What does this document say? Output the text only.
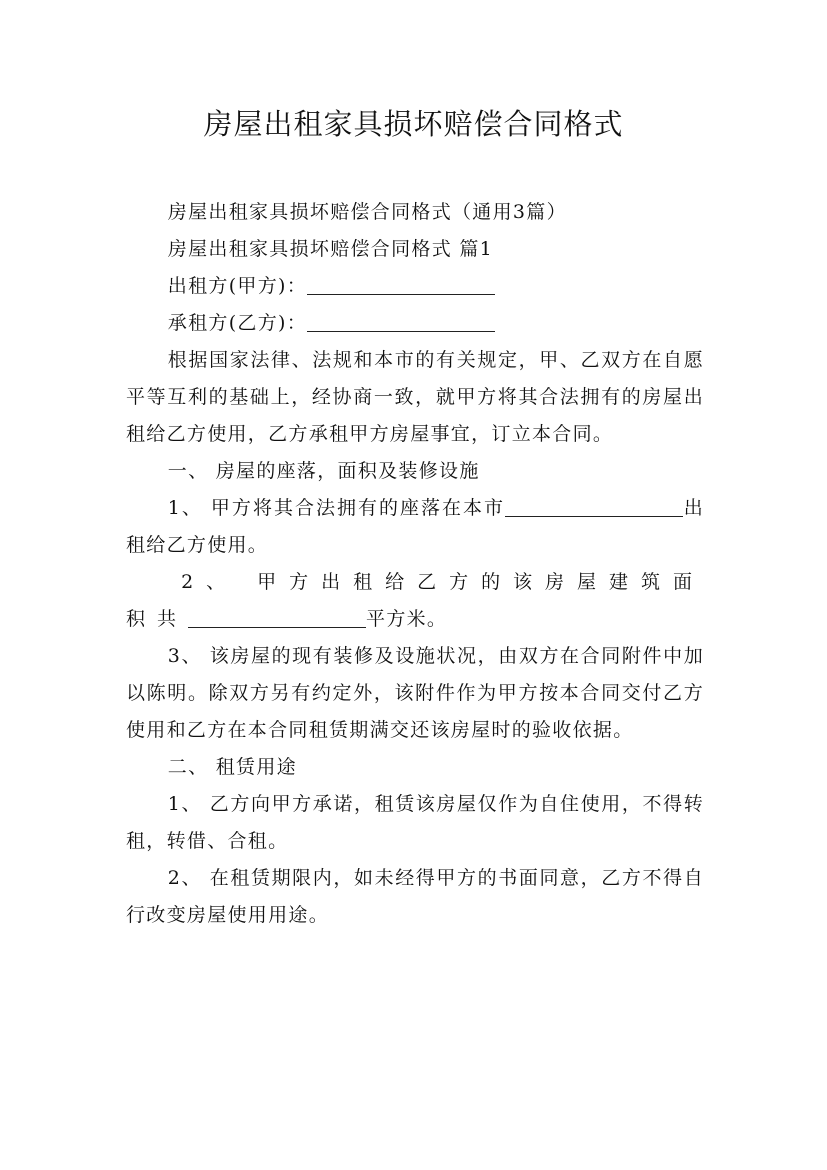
房屋出租家具损坏赔偿合同格式

房屋出租家具损坏赔偿合同格式（通用3篇）

房屋出租家具损坏赔偿合同格式 篇1

出租方(甲方)：

承租方(乙方)：

根据国家法律、法规和本市的有关规定，甲、乙双方在自愿平等互利的基础上，经协商一致，就甲方将其合法拥有的房屋出租给乙方使用，乙方承租甲方房屋事宜，订立本合同。

一、 房屋的座落，面积及装修设施

1、 甲方将其合法拥有的座落在本市	出租给乙方使用。

2、 甲方出租给乙方的该房屋建筑面积共	平方米。

3、 该房屋的现有装修及设施状况，由双方在合同附件中加以陈明。除双方另有约定外，该附件作为甲方按本合同交付乙方使用和乙方在本合同租赁期满交还该房屋时的验收依据。

二、 租赁用途

1、 乙方向甲方承诺，租赁该房屋仅作为自住使用，不得转租，转借、合租。

2、 在租赁期限内，如未经得甲方的书面同意，乙方不得自行改变房屋使用用途。
